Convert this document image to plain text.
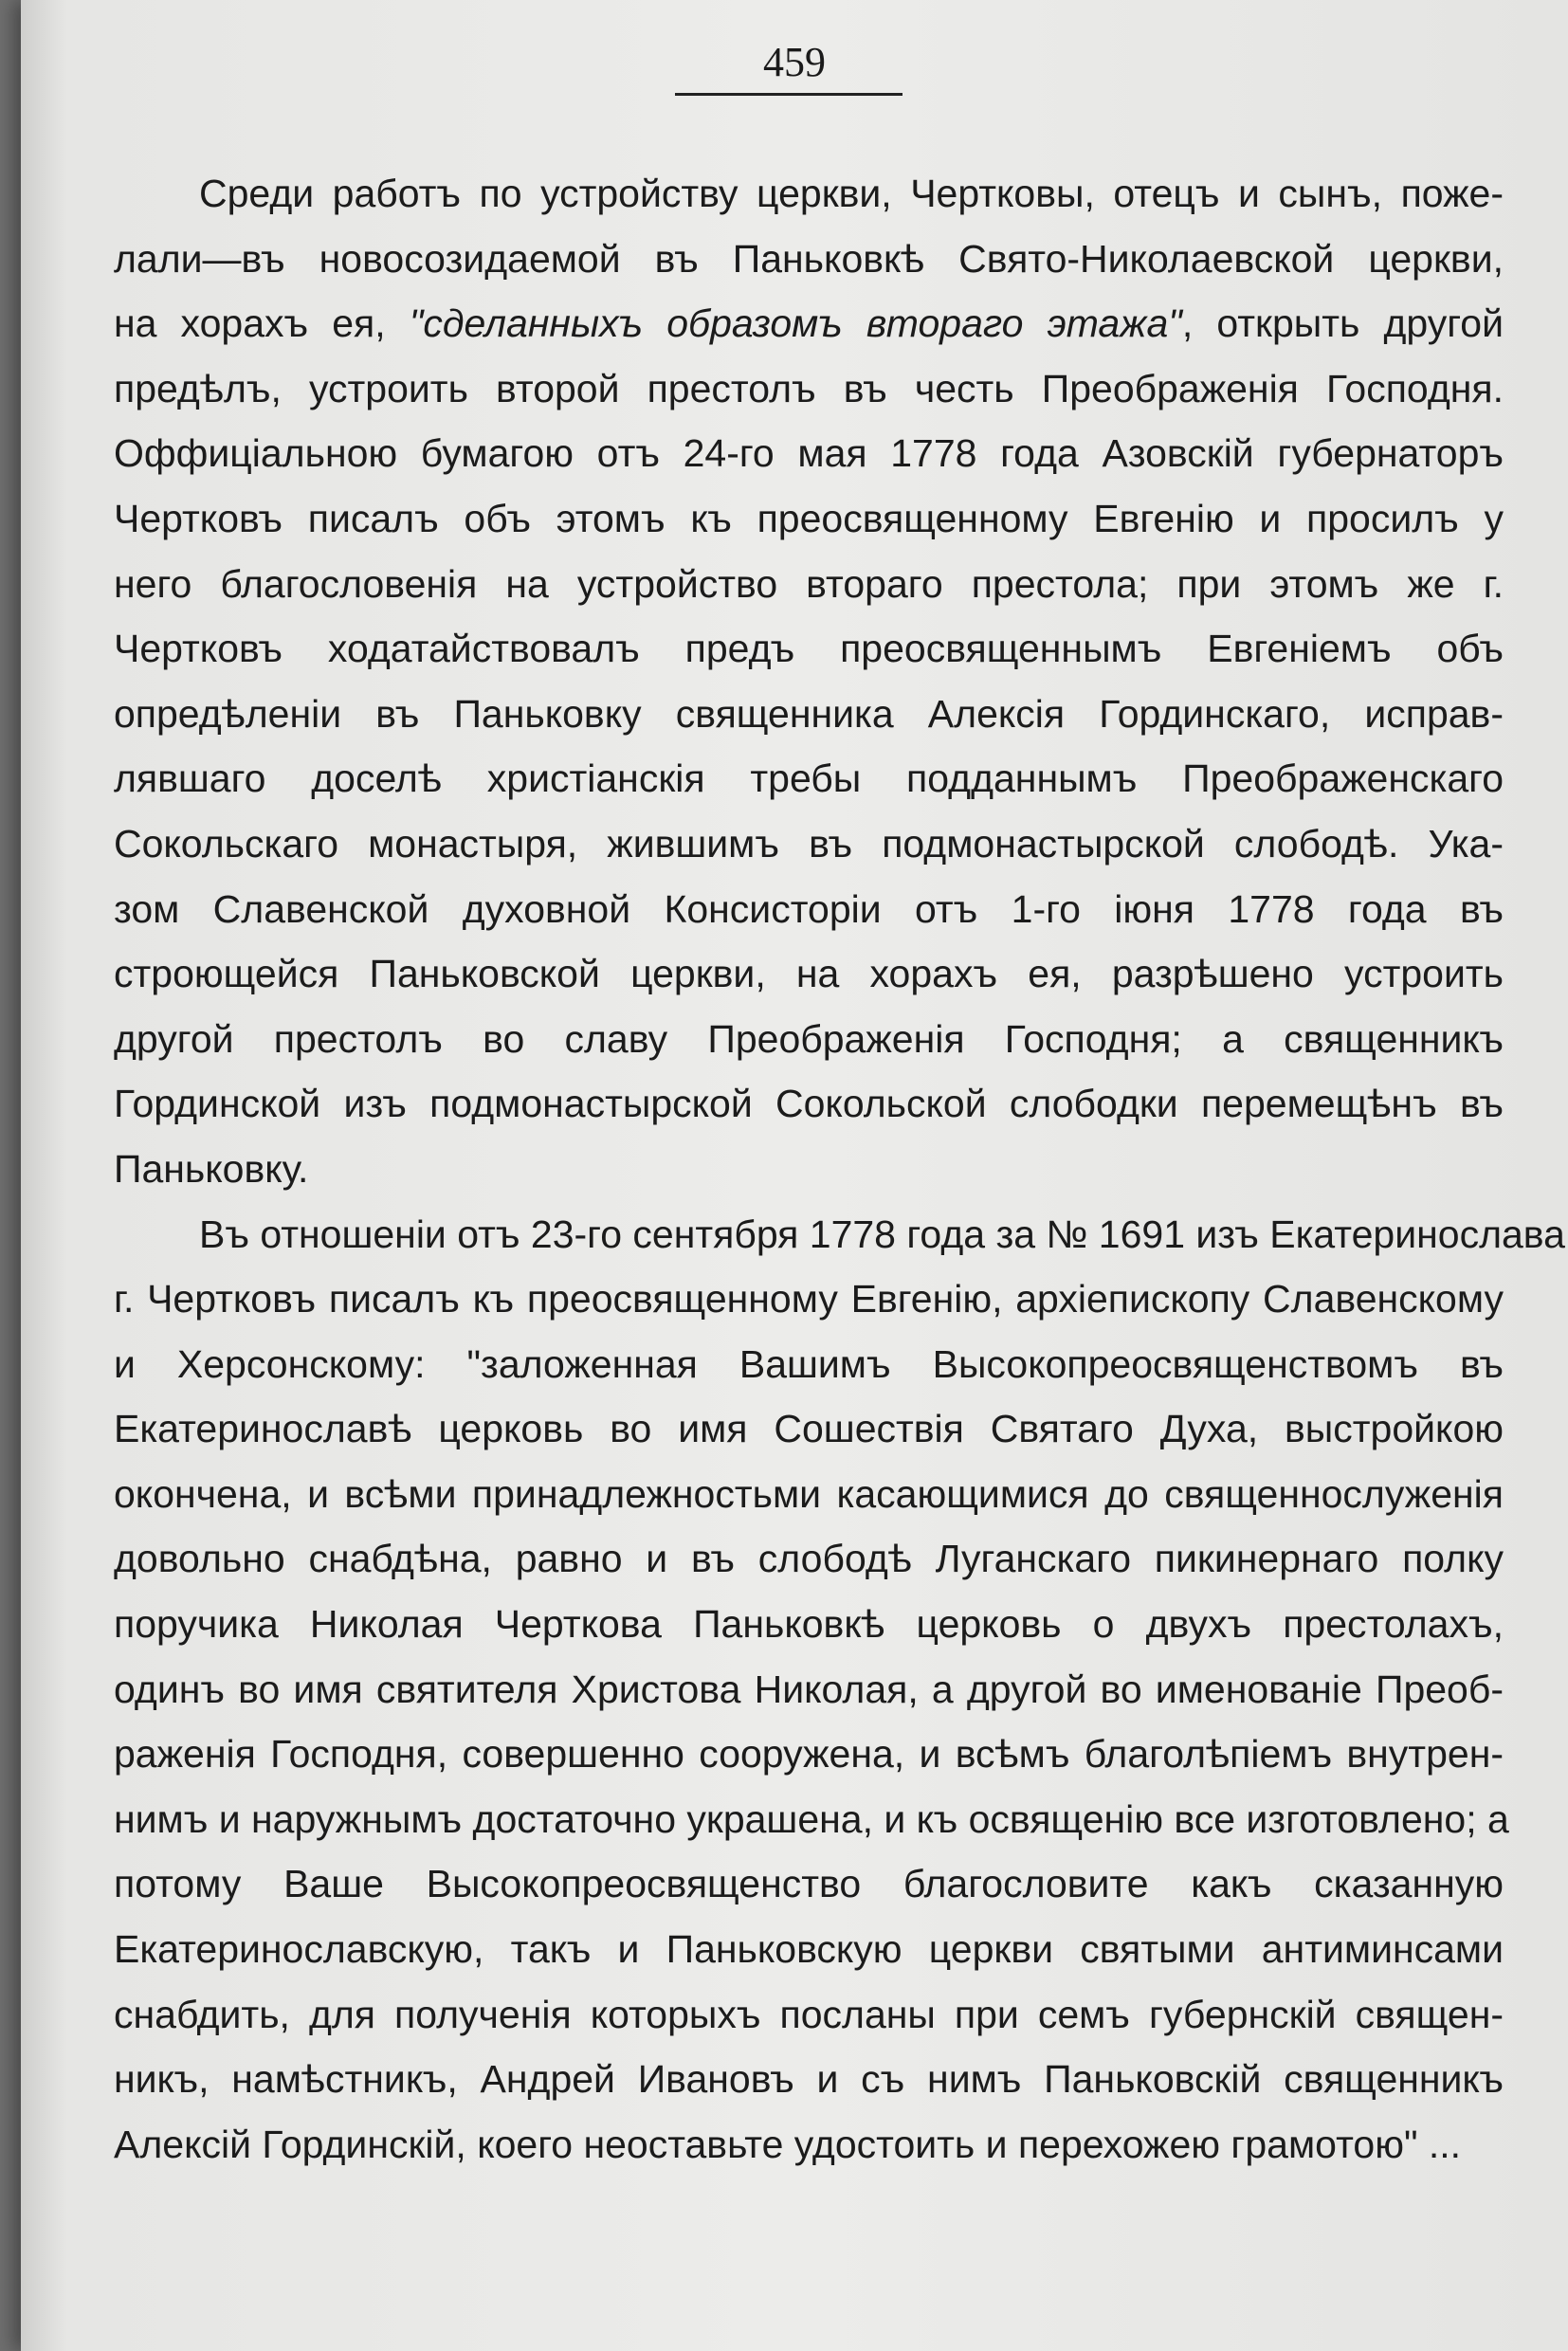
459
Среди работъ по устройству церкви, Чертковы, отецъ и сынъ, поже-
лали—въ новосозидаемой въ Паньковкѣ Свято-Николаевской церкви,
на хорахъ ея, "сделанныхъ образомъ втораго этажа", открыть другой
предѣлъ, устроить второй престолъ въ честь Преображенія Господня.
Оффиціальною бумагою отъ 24-го мая 1778 года Азовскій губернаторъ
Чертковъ писалъ объ этомъ къ преосвященному Евгенію и просилъ у
него благословенія на устройство втораго престола; при этомъ же г.
Чертковъ ходатайствовалъ предъ преосвященнымъ Евгеніемъ объ
опредѣленіи въ Паньковку священника Алексія Гординскаго, исправ-
лявшаго доселѣ христіанскія требы подданнымъ Преображенскаго
Сокольскаго монастыря, жившимъ въ подмонастырской слободѣ. Ука-
зом Славенской духовной Консисторіи отъ 1-го іюня 1778 года въ
строющейся Паньковской церкви, на хорахъ ея, разрѣшено устроить
другой престолъ во славу Преображенія Господня; а священникъ
Гординской изъ подмонастырской Сокольской слободки перемещѣнъ въ
Паньковку.
Въ отношеніи отъ 23-го сентября 1778 года за № 1691 изъ Екатеринослава
г. Чертковъ писалъ къ преосвященному Евгенію, архіепископу Славенскому
и Херсонскому: "заложенная Вашимъ Высокопреосвященствомъ въ
Екатеринославѣ церковь во имя Сошествія Святаго Духа, выстройкою
окончена, и всѣми принадлежностьми касающимися до священнослуженія
довольно снабдѣна, равно и въ слободѣ Луганскаго пикинернаго полку
поручика Николая Черткова Паньковкѣ церковь о двухъ престолахъ,
одинъ во имя святителя Христова Николая, а другой во именованіе Преоб-
раженія Господня, совершенно сооружена, и всѣмъ благолѣпіемъ внутрен-
нимъ и наружнымъ достаточно украшена, и къ освященію все изготовлено; а
потому Ваше Высокопреосвященство благословите какъ сказанную
Екатеринославскую, такъ и Паньковскую церкви святыми антиминсами
снабдить, для полученія которыхъ посланы при семъ губернскій священ-
никъ, намѣстникъ, Андрей Ивановъ и съ нимъ Паньковскій священникъ
Алексій Гординскій, коего неоставьте удостоить и перехожею грамотою" ...
